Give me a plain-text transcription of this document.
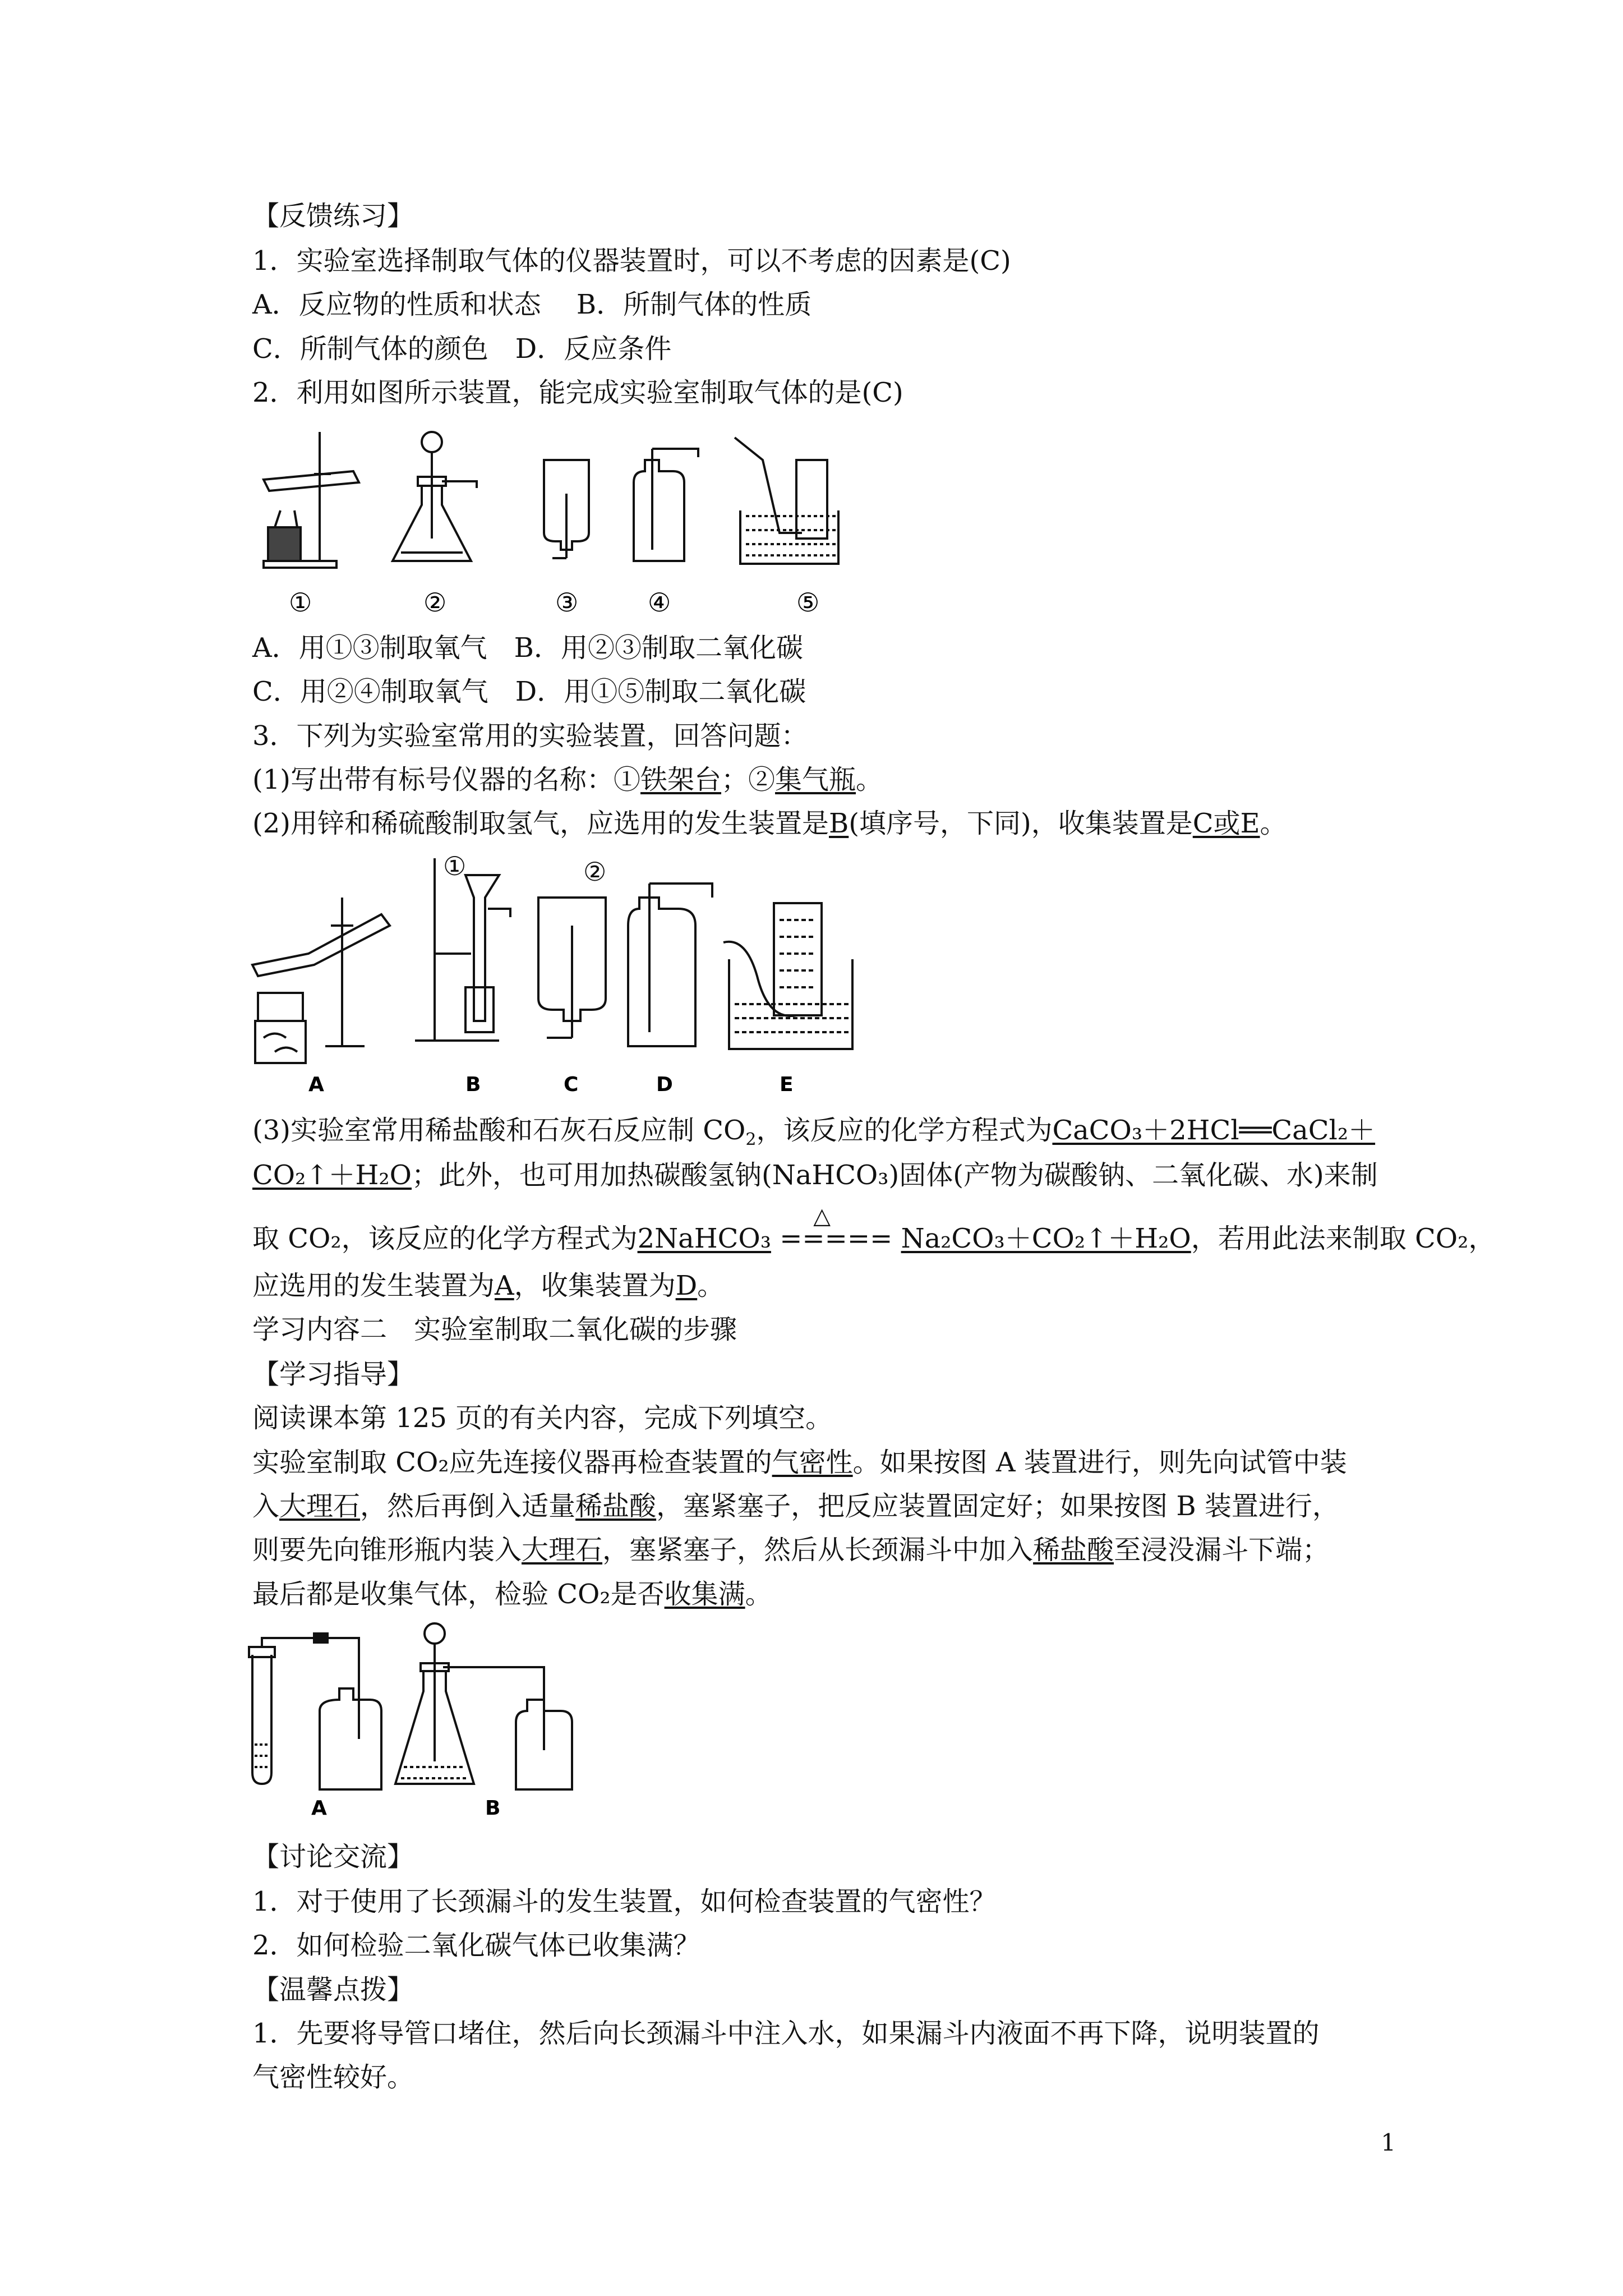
【反馈练习】
1．实验室选择制取气体的仪器装置时，可以不考虑的因素是(C)
A．反应物的性质和状态　 B．所制气体的性质
C．所制气体的颜色　D．反应条件
2．利用如图所示装置，能完成实验室制取气体的是(C)
①	②	③	④	⑤
A．用①③制取氧气　B．用②③制取二氧化碳
C．用②④制取氧气　D．用①⑤制取二氧化碳
3．下列为实验室常用的实验装置，回答问题：
(1)写出带有标号仪器的名称：①铁架台；②集气瓶。
(2)用锌和稀硫酸制取氢气，应选用的发生装置是B(填序号，下同)，收集装置是C或E。
①	②
A	B	C	D	E
(3)实验室常用稀盐酸和石灰石反应制 $CO_2$，该反应的化学方程式为CaCO₃＋2HCl══CaCl₂＋
CO₂↑＋H₂O；此外，也可用加热碳酸氢钠(NaHCO₃)固体(产物为碳酸钠、二氧化碳、水)来制
取 CO₂，该反应的化学方程式为2NaHCO₃
△
===== Na₂CO₃＋CO₂↑＋H₂O，若用此法来制取 CO₂，
应选用的发生装置为A，收集装置为D。
学习内容二　实验室制取二氧化碳的步骤
【学习指导】
阅读课本第 125 页的有关内容，完成下列填空。
实验室制取 CO₂应先连接仪器再检查装置的气密性。如果按图 A 装置进行，则先向试管中装
入大理石，然后再倒入适量稀盐酸，塞紧塞子，把反应装置固定好；如果按图 B 装置进行，
则要先向锥形瓶内装入大理石，塞紧塞子，然后从长颈漏斗中加入稀盐酸至浸没漏斗下端；
最后都是收集气体，检验 CO₂是否收集满。
A	B
【讨论交流】
1．对于使用了长颈漏斗的发生装置，如何检查装置的气密性？
2．如何检验二氧化碳气体已收集满？
【温馨点拨】
1．先要将导管口堵住，然后向长颈漏斗中注入水，如果漏斗内液面不再下降，说明装置的
气密性较好。
1
